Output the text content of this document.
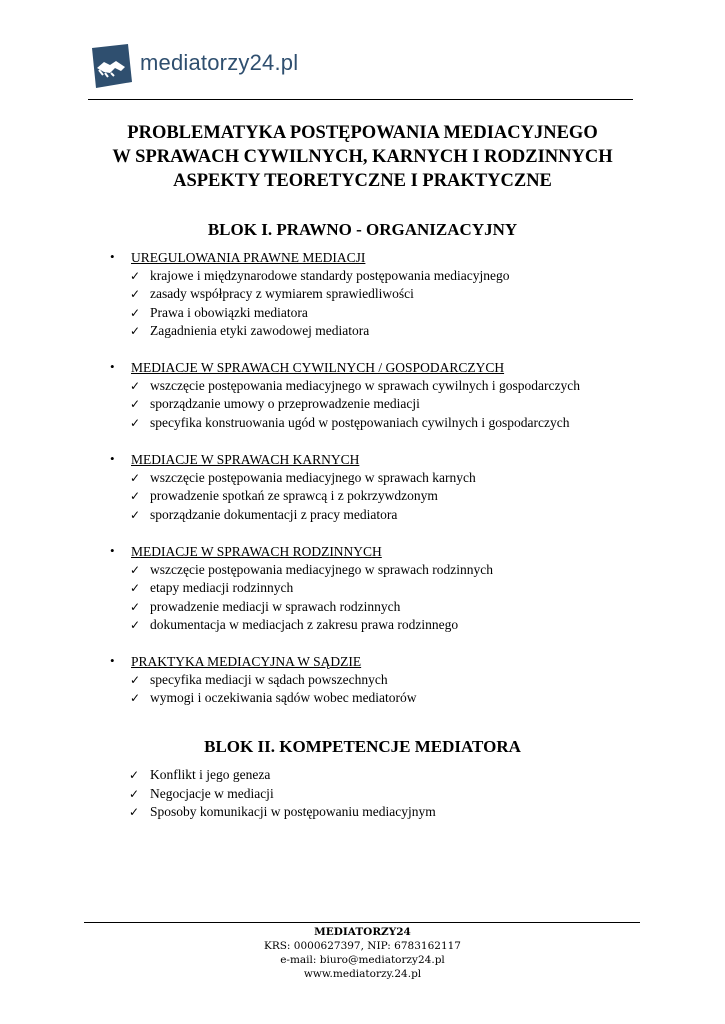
mediatorzy24.pl
PROBLEMATYKA POSTĘPOWANIA MEDIACYJNEGO
W SPRAWACH CYWILNYCH, KARNYCH I RODZINNYCH
ASPEKTY TEORETYCZNE I PRAKTYCZNE
BLOK I. PRAWNO - ORGANIZACYJNY
• UREGULOWANIA PRAWNE MEDIACJI
✓ krajowe i międzynarodowe standardy postępowania mediacyjnego
✓ zasady współpracy z wymiarem sprawiedliwości
✓ Prawa i obowiązki mediatora
✓ Zagadnienia etyki zawodowej mediatora
• MEDIACJE W SPRAWACH CYWILNYCH / GOSPODARCZYCH
✓ wszczęcie postępowania mediacyjnego w sprawach cywilnych i gospodarczych
✓ sporządzanie umowy o przeprowadzenie mediacji
✓ specyfika konstruowania ugód w postępowaniach cywilnych i gospodarczych
• MEDIACJE W SPRAWACH KARNYCH
✓ wszczęcie postępowania mediacyjnego w sprawach karnych
✓ prowadzenie spotkań ze sprawcą i z pokrzywdzonym
✓ sporządzanie dokumentacji z pracy mediatora
• MEDIACJE W SPRAWACH RODZINNYCH
✓ wszczęcie postępowania mediacyjnego w sprawach rodzinnych
✓ etapy mediacji rodzinnych
✓ prowadzenie mediacji w sprawach rodzinnych
✓ dokumentacja w mediacjach z zakresu prawa rodzinnego
• PRAKTYKA MEDIACYJNA W SĄDZIE
✓ specyfika mediacji w sądach powszechnych
✓ wymogi i oczekiwania sądów wobec mediatorów
BLOK II. KOMPETENCJE MEDIATORA
✓ Konflikt i jego geneza
✓ Negocjacje w mediacji
✓ Sposoby komunikacji w postępowaniu mediacyjnym
MEDIATORZY24
KRS: 0000627397, NIP: 6783162117
e-mail: biuro@mediatorzy24.pl
www.mediatorzy.24.pl
